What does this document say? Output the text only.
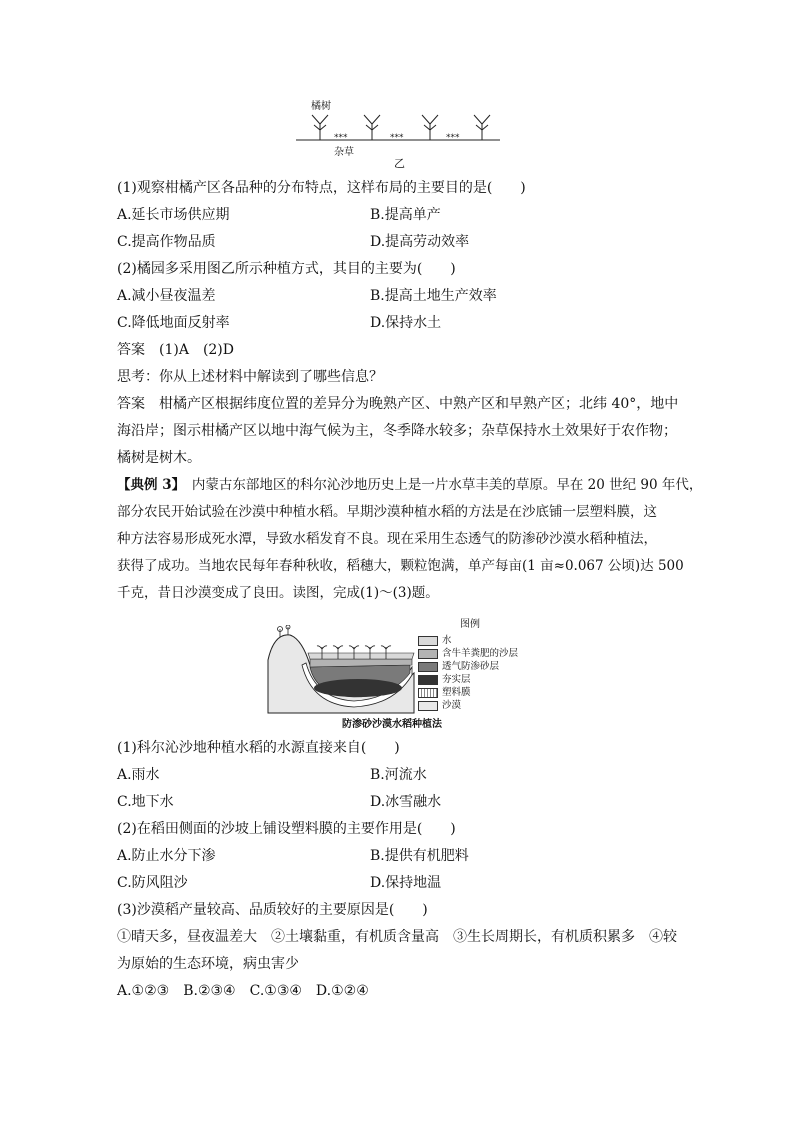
橘树
***	***	***
杂草
乙
(1)观察柑橘产区各品种的分布特点，这样布局的主要目的是(　　)
A.延长市场供应期	B.提高单产
C.提高作物品质	D.提高劳动效率
(2)橘园多采用图乙所示种植方式，其目的主要为(　　)
A.减小昼夜温差	B.提高土地生产效率
C.降低地面反射率	D.保持水土
答案　(1)A　(2)D
思考：你从上述材料中解读到了哪些信息？
答案　柑橘产区根据纬度位置的差异分为晚熟产区、中熟产区和早熟产区；北纬 40°，地中
海沿岸；图示柑橘产区以地中海气候为主，冬季降水较多；杂草保持水土效果好于农作物；
橘树是树木。
【典例 3】　内蒙古东部地区的科尔沁沙地历史上是一片水草丰美的草原。早在 20 世纪 90 年代，
部分农民开始试验在沙漠中种植水稻。早期沙漠种植水稻的方法是在沙底铺一层塑料膜，这
种方法容易形成死水潭，导致水稻发育不良。现在采用生态透气的防渗砂沙漠水稻种植法，
获得了成功。当地农民每年春种秋收，稻穗大，颗粒饱满，单产每亩(1 亩≈0.067 公顷)达 500
千克，昔日沙漠变成了良田。读图，完成(1)～(3)题。
图例
水
含牛羊粪肥的沙层
透气防渗砂层
夯实层
塑料膜
沙漠
防渗砂沙漠水稻种植法
(1)科尔沁沙地种植水稻的水源直接来自(　　)
A.雨水	B.河流水
C.地下水	D.冰雪融水
(2)在稻田侧面的沙坡上铺设塑料膜的主要作用是(　　)
A.防止水分下渗	B.提供有机肥料
C.防风阻沙	D.保持地温
(3)沙漠稻产量较高、品质较好的主要原因是(　　)
①晴天多，昼夜温差大　②土壤黏重，有机质含量高　③生长周期长，有机质积累多　④较
为原始的生态环境，病虫害少
A.①②③　B.②③④　C.①③④　D.①②④
